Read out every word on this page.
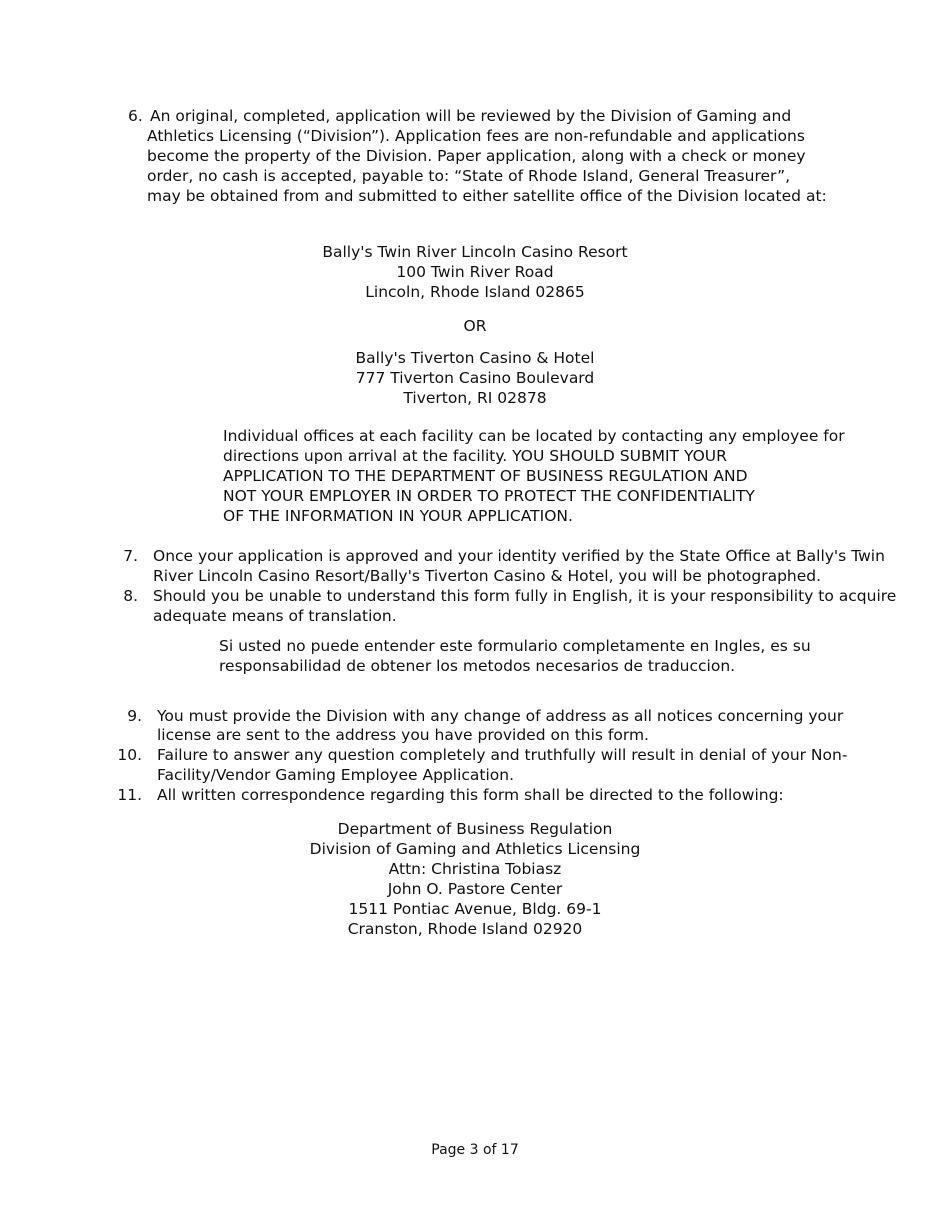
6. An original, completed, application will be reviewed by the Division of Gaming and
Athletics Licensing (“Division”). Application fees are non-refundable and applications
become the property of the Division. Paper application, along with a check or money
order, no cash is accepted, payable to: “State of Rhode Island, General Treasurer”,
may be obtained from and submitted to either satellite office of the Division located at:
Bally's Twin River Lincoln Casino Resort
100 Twin River Road
Lincoln, Rhode Island 02865
OR
Bally's Tiverton Casino & Hotel
777 Tiverton Casino Boulevard
Tiverton, RI 02878
Individual offices at each facility can be located by contacting any employee for
directions upon arrival at the facility. YOU SHOULD SUBMIT YOUR
APPLICATION TO THE DEPARTMENT OF BUSINESS REGULATION AND
NOT YOUR EMPLOYER IN ORDER TO PROTECT THE CONFIDENTIALITY
OF THE INFORMATION IN YOUR APPLICATION.
7. Once your application is approved and your identity verified by the State Office at Bally's Twin
River Lincoln Casino Resort/Bally's Tiverton Casino & Hotel, you will be photographed.
8. Should you be unable to understand this form fully in English, it is your responsibility to acquire
adequate means of translation.
Si usted no puede entender este formulario completamente en Ingles, es su
responsabilidad de obtener los metodos necesarios de traduccion.
9. You must provide the Division with any change of address as all notices concerning your
license are sent to the address you have provided on this form.
10. Failure to answer any question completely and truthfully will result in denial of your Non-
Facility/Vendor Gaming Employee Application.
11. All written correspondence regarding this form shall be directed to the following:
Department of Business Regulation
Division of Gaming and Athletics Licensing
Attn: Christina Tobiasz
John O. Pastore Center
1511 Pontiac Avenue, Bldg. 69-1
Cranston, Rhode Island 02920
Page 3 of 17
